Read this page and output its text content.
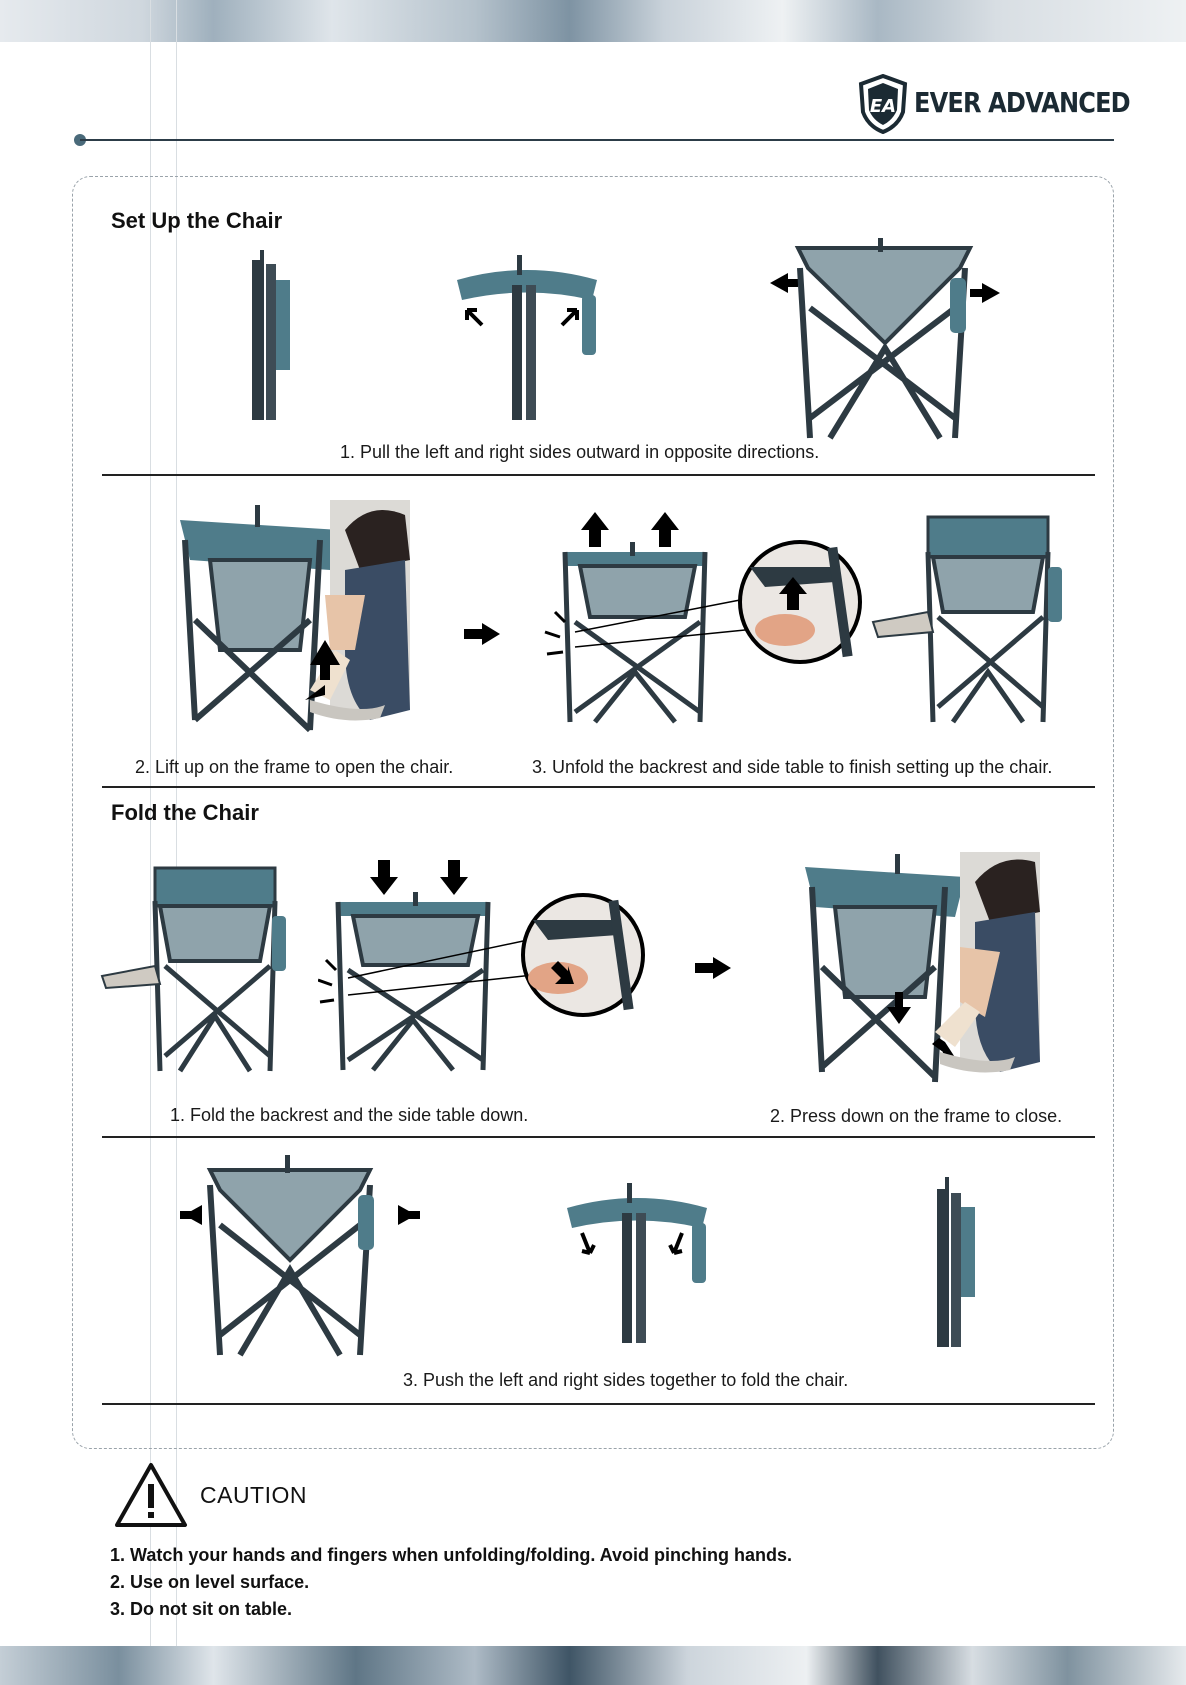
EA EVER ADVANCED
Set Up the Chair
1. Pull the left and right sides outward in opposite directions.
2. Lift up on the frame to open the chair.	3. Unfold the backrest and side table to finish setting up the chair.
Fold the Chair
1. Fold the backrest and the side table down.	2. Press down on the frame to close.
3. Push the left and right sides together to fold the chair.
CAUTION
1. Watch your hands and fingers when unfolding/folding. Avoid pinching hands.
2. Use on level surface.
3. Do not sit on table.
